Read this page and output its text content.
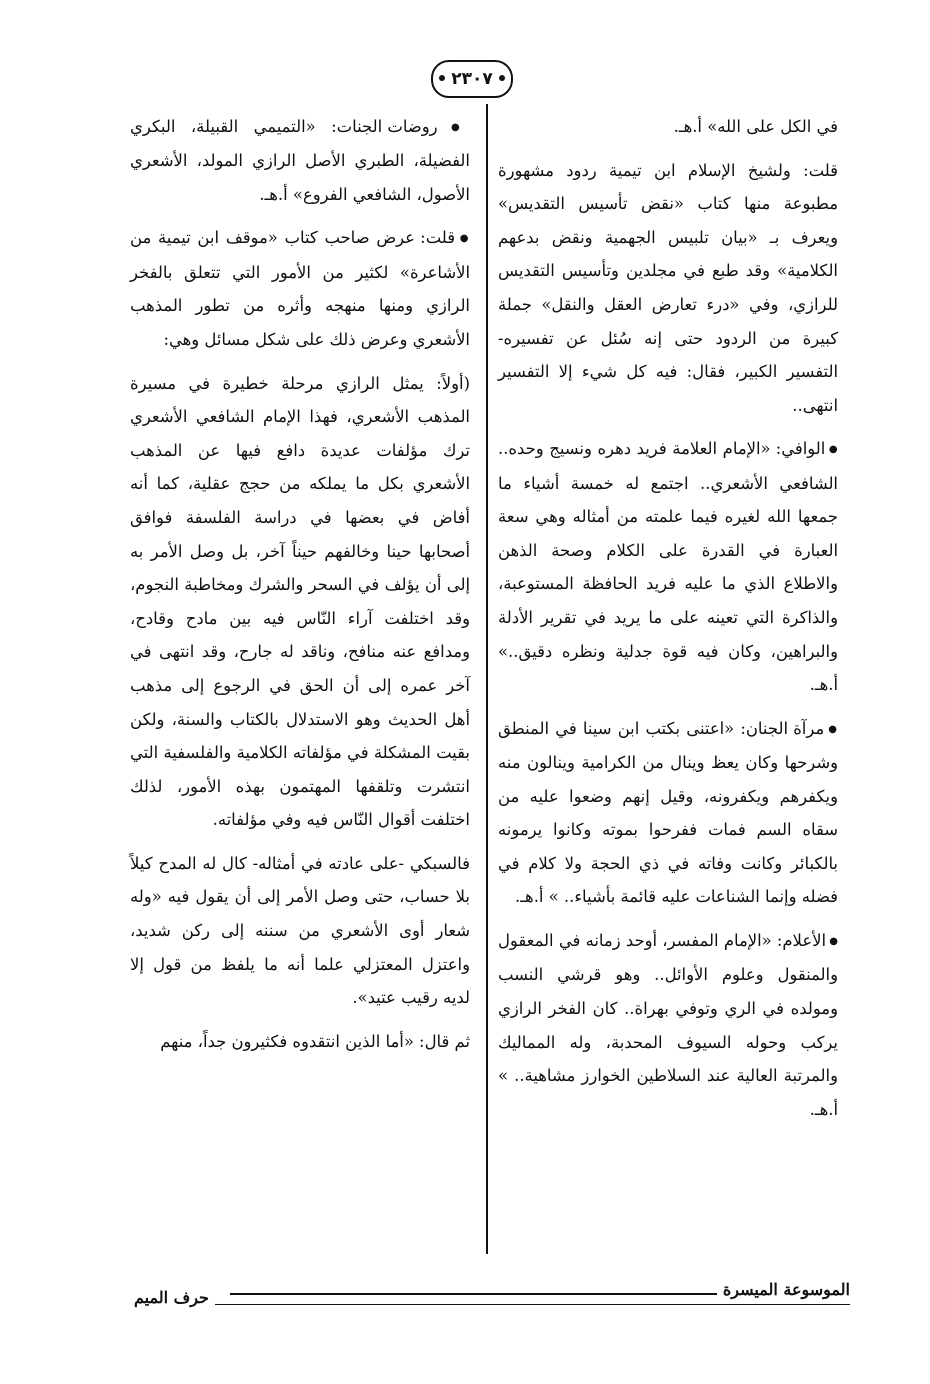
٢٣٠٧

في الكل على الله» أ.هـ.

قلت: ولشيخ الإسلام ابن تيمية ردود مشهورة مطبوعة منها كتاب «نقض تأسيس التقديس» ويعرف بـ «بيان تلبيس الجهمية ونقض بدعهم الكلامية» وقد طبع في مجلدين وتأسيس التقديس للرازي، وفي «درء تعارض العقل والنقل» جملة كبيرة من الردود حتى إنه سُئل عن تفسيره-التفسير الكبير، فقال: فيه كل شيء إلا التفسير انتهى..

● الوافي: «الإمام العلامة فريد دهره ونسيج وحده.. الشافعي الأشعري.. اجتمع له خمسة أشياء ما جمعها الله لغيره فيما علمته من أمثاله وهي سعة العبارة في القدرة على الكلام وصحة الذهن والاطلاع الذي ما عليه فريد الحافظة المستوعبة، والذاكرة التي تعينه على ما يريد في تقرير الأدلة والبراهين، وكان فيه قوة جدلية ونظره دقيق..» أ.هـ.

● مرآة الجنان: «اعتنى بكتب ابن سينا في المنطق وشرحها وكان يعظ وينال من الكرامية وينالون منه ويكفرهم ويكفرونه، وقيل إنهم وضعوا عليه من سقاه السم فمات ففرحوا بموته وكانوا يرمونه بالكبائر وكانت وفاته في ذي الحجة ولا كلام في فضله وإنما الشناعات عليه قائمة بأشياء.. » أ.هـ.

● الأعلام: «الإمام المفسر، أوحد زمانه في المعقول والمنقول وعلوم الأوائل.. وهو قرشي النسب ومولده في الري وتوفي بهراة.. كان الفخر الرازي يركب وحوله السيوف المحدبة، وله المماليك والمرتبة العالية عند السلاطين الخوارز مشاهية.. » أ.هـ.

● روضات الجنات: «التميمي القبيلة، البكري الفضيلة، الطبري الأصل الرازي المولد، الأشعري الأصول، الشافعي الفروع» أ.هـ.

● قلت: عرض صاحب كتاب «موقف ابن تيمية من الأشاعرة» لكثير من الأمور التي تتعلق بالفخر الرازي ومنها منهجه وأثره من تطور المذهب الأشعري وعرض ذلك على شكل مسائل وهي:

(أولاً: يمثل الرازي مرحلة خطيرة في مسيرة المذهب الأشعري، فهذا الإمام الشافعي الأشعري ترك مؤلفات عديدة دافع فيها عن المذهب الأشعري بكل ما يملكه من حجج عقلية، كما أنه أفاض في بعضها في دراسة الفلسفة فوافق أصحابها حينا وخالفهم حيناً آخر، بل وصل الأمر به إلى أن يؤلف في السحر والشرك ومخاطبة النجوم، وقد اختلفت آراء النّاس فيه بين مادح وقادح، ومدافع عنه منافح، وناقد له جارح، وقد انتهى في آخر عمره إلى أن الحق في الرجوع إلى مذهب أهل الحديث وهو الاستدلال بالكتاب والسنة، ولكن بقيت المشكلة في مؤلفاته الكلامية والفلسفية التي انتشرت وتلقفها المهتمون بهذه الأمور، لذلك اختلفت أقوال النّاس فيه وفي مؤلفاته.

فالسبكي -على عادته في أمثاله- كال له المدح كيلاً بلا حساب، حتى وصل الأمر إلى أن يقول فيه «وله شعار أوى الأشعري من سننه إلى ركن شديد، واعتزل المعتزلي علما أنه ما يلفظ من قول إلا لديه رقيب عتيد».

ثم قال: «أما الذين انتقدوه فكثيرون جداً، منهم

الموسوعة الميسرة
حرف الميم
